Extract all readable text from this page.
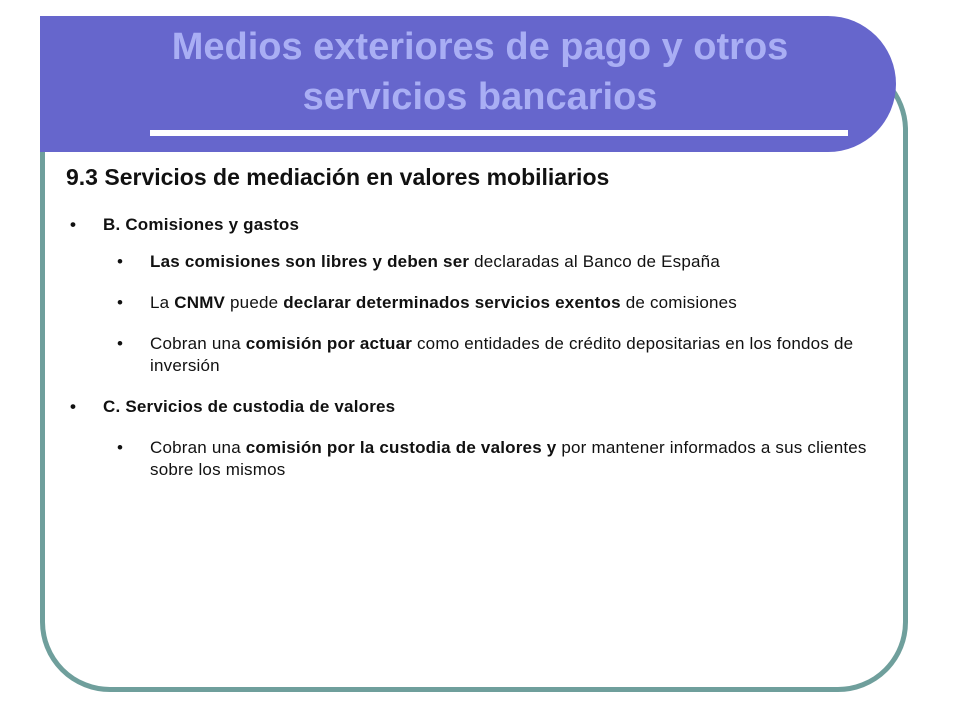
Medios exteriores de pago y otros
servicios bancarios
9.3 Servicios de mediación en valores mobiliarios
• B. Comisiones y gastos
• Las comisiones son libres y deben ser declaradas al Banco de España
• La CNMV puede declarar determinados servicios exentos de comisiones
• Cobran una comisión por actuar como entidades de crédito depositarias en los fondos de inversión
• C. Servicios de custodia de valores
• Cobran una comisión por la custodia de valores y por mantener informados a sus clientes sobre los mismos
